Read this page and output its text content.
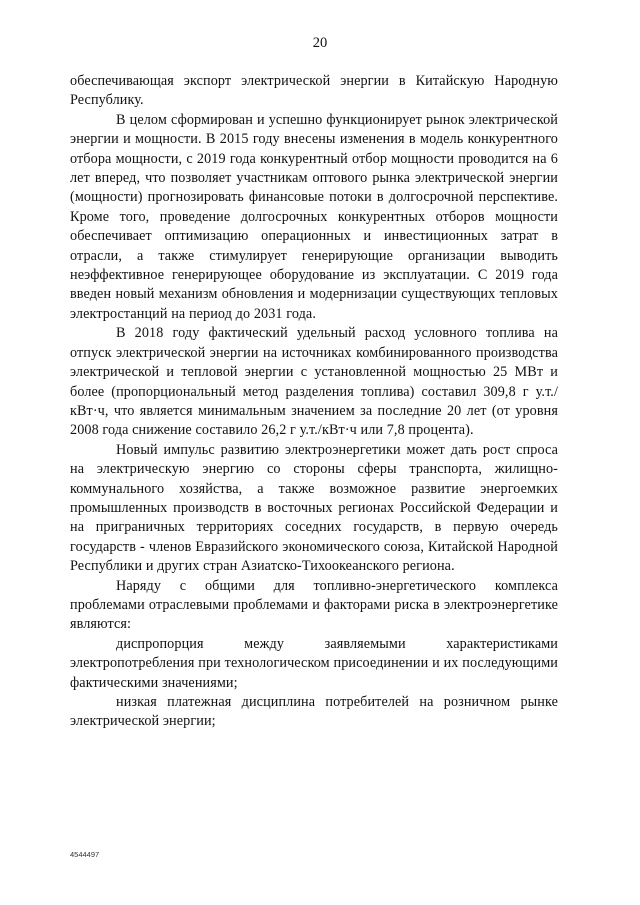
20

обеспечивающая экспорт электрической энергии в Китайскую Народную Республику.

В целом сформирован и успешно функционирует рынок электрической энергии и мощности. В 2015 году внесены изменения в модель конкурентного отбора мощности, с 2019 года конкурентный отбор мощности проводится на 6 лет вперед, что позволяет участникам оптового рынка электрической энергии (мощности) прогнозировать финансовые потоки в долгосрочной перспективе. Кроме того, проведение долгосрочных конкурентных отборов мощности обеспечивает оптимизацию операционных и инвестиционных затрат в отрасли, а также стимулирует генерирующие организации выводить неэффективное генерирующее оборудование из эксплуатации. С 2019 года введен новый механизм обновления и модернизации существующих тепловых электростанций на период до 2031 года.

В 2018 году фактический удельный расход условного топлива на отпуск электрической энергии на источниках комбинированного производства электрической и тепловой энергии с установленной мощностью 25 МВт и более (пропорциональный метод разделения топлива) составил 309,8 г у.т./кВт·ч, что является минимальным значением за последние 20 лет (от уровня 2008 года снижение составило 26,2 г у.т./кВт·ч или 7,8 процента).

Новый импульс развитию электроэнергетики может дать рост спроса на электрическую энергию со стороны сферы транспорта, жилищно-коммунального хозяйства, а также возможное развитие энергоемких промышленных производств в восточных регионах Российской Федерации и на приграничных территориях соседних государств, в первую очередь государств - членов Евразийского экономического союза, Китайской Народной Республики и других стран Азиатско-Тихоокеанского региона.

Наряду с общими для топливно-энергетического комплекса проблемами отраслевыми проблемами и факторами риска в электроэнергетике являются:

диспропорция между заявляемыми характеристиками электропотребления при технологическом присоединении и их последующими фактическими значениями;

низкая платежная дисциплина потребителей на розничном рынке электрической энергии;

4544497
